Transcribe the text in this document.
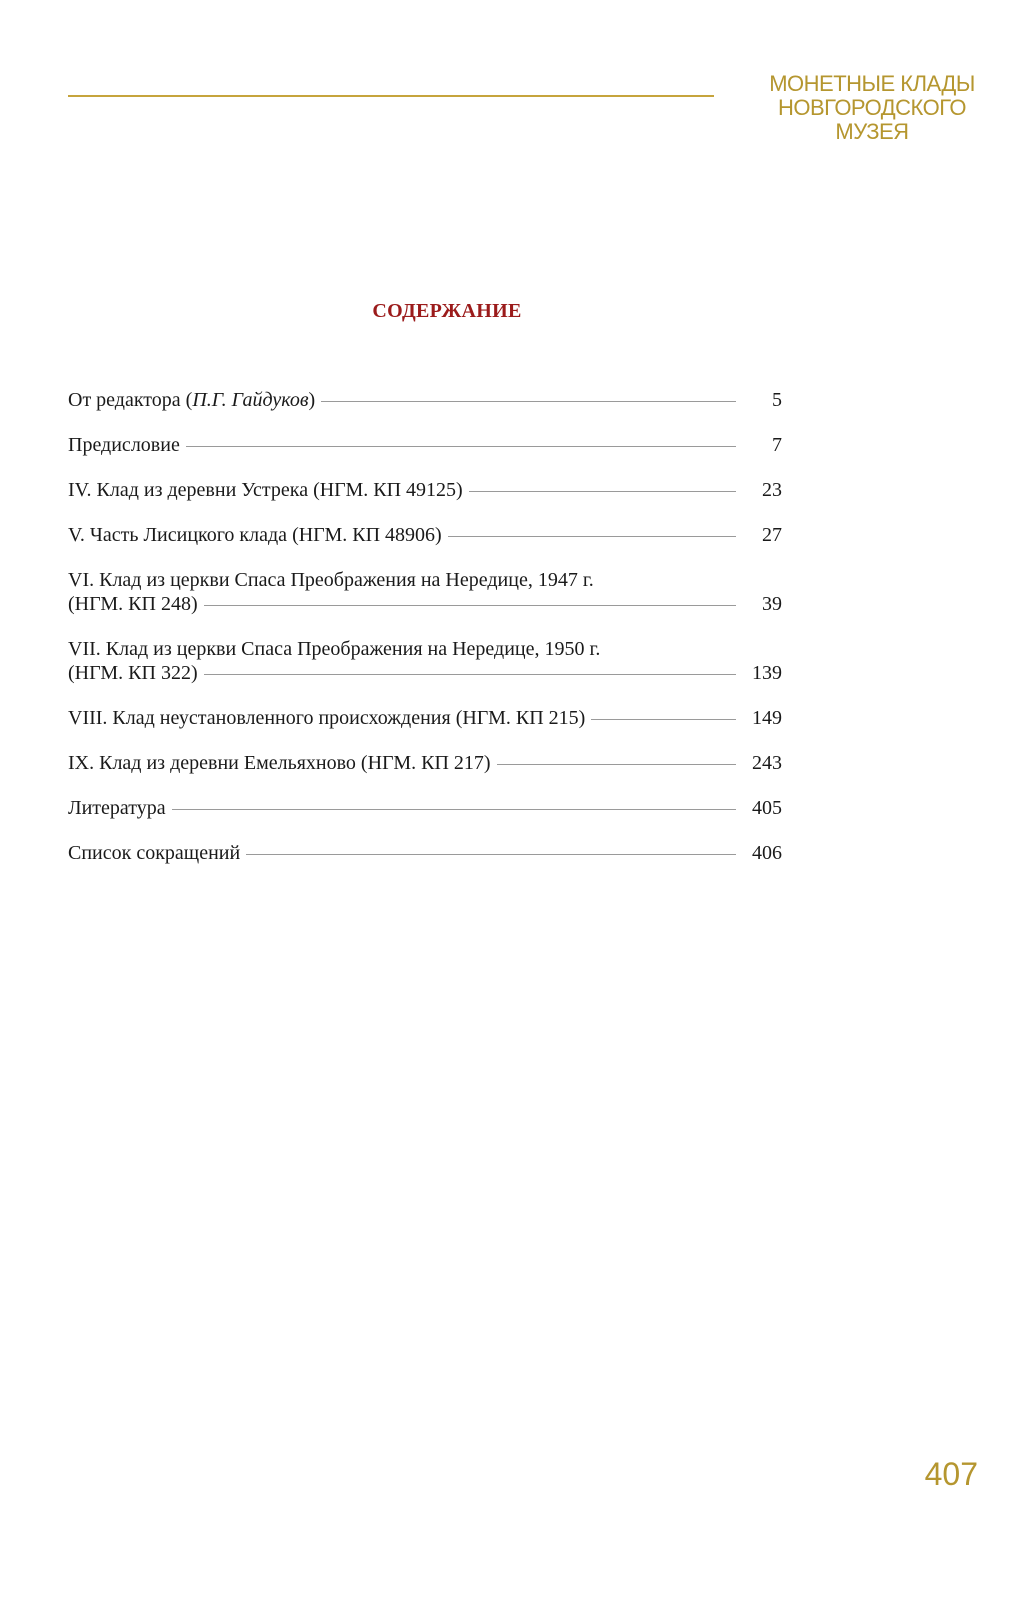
МОНЕТНЫЕ КЛАДЫ
НОВГОРОДСКОГО
МУЗЕЯ
СОДЕРЖАНИЕ
От редактора (П.Г. Гайдуков)	5
Предисловие	7
IV. Клад из деревни Устрека (НГМ. КП 49125)	23
V. Часть Лисицкого клада (НГМ. КП 48906)	27
VI. Клад из церкви Спаса Преображения на Нередице, 1947 г.
(НГМ. КП 248)	39
VII. Клад из церкви Спаса Преображения на Нередице, 1950 г.
(НГМ. КП 322)	139
VIII. Клад неустановленного происхождения (НГМ. КП 215)	149
IX. Клад из деревни Емельяхново (НГМ. КП 217)	243
Литература	405
Список сокращений	406
407
